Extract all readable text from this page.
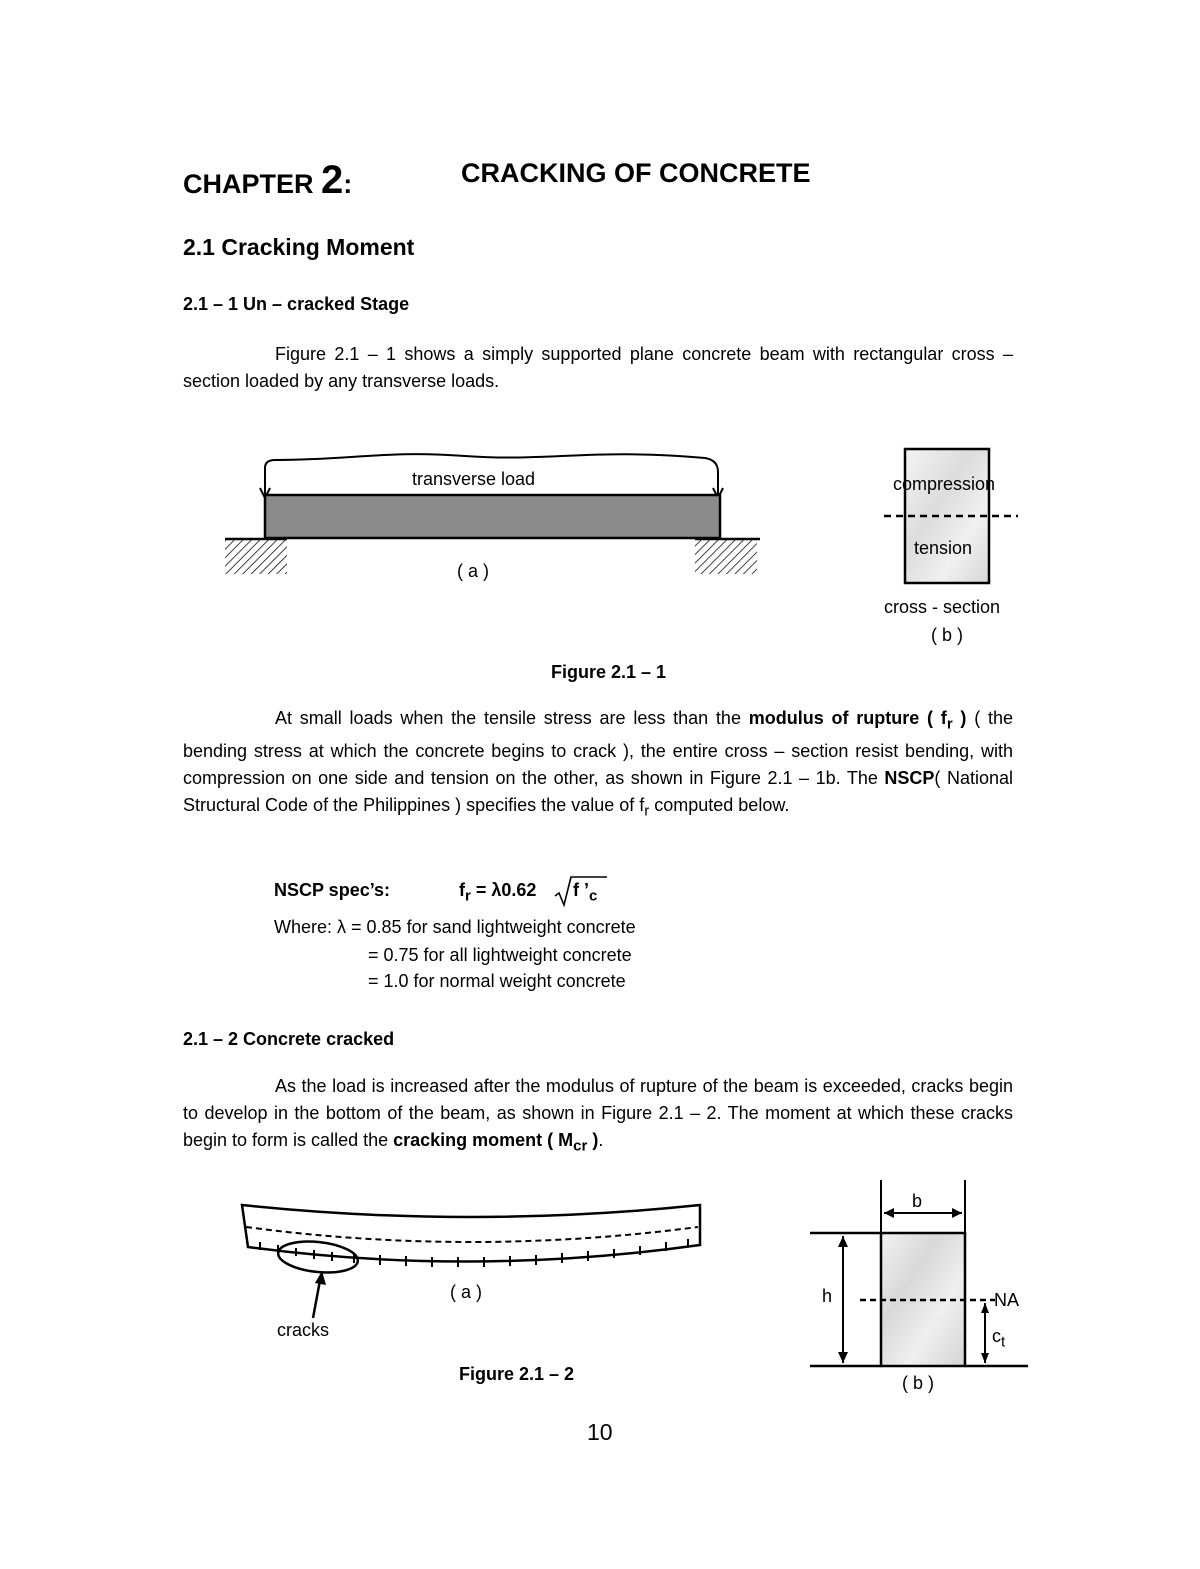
CHAPTER 2:	CRACKING OF CONCRETE
2.1 Cracking Moment
2.1 – 1 Un – cracked Stage
Figure 2.1 – 1 shows a simply supported plane concrete beam with rectangular cross – section loaded by any transverse loads.
transverse load
( a )
compression
tension
cross - section
( b )
Figure 2.1 – 1
At small loads when the tensile stress are less than the modulus of rupture ( $f_r$ ) ( the bending stress at which the concrete begins to crack ), the entire cross – section resist bending, with compression on one side and tension on the other, as shown in Figure 2.1 – 1b. The NSCP( National Structural Code of the Philippines ) specifies the value of $f_r$ computed below.
NSCP spec’s:	$f_r = \lambda 0.62$ f $’_c$
Where: λ = 0.85 for sand lightweight concrete
= 0.75 for all lightweight concrete
= 1.0 for normal weight concrete
2.1 – 2 Concrete cracked
As the load is increased after the modulus of rupture of the beam is exceeded, cracks begin to develop in the bottom of the beam, as shown in Figure 2.1 – 2. The moment at which these cracks begin to form is called the cracking moment ( $M_{cr}$ ).
cracks
( a )
b
h	NA
$c_t$
( b )
Figure 2.1 – 2
10
